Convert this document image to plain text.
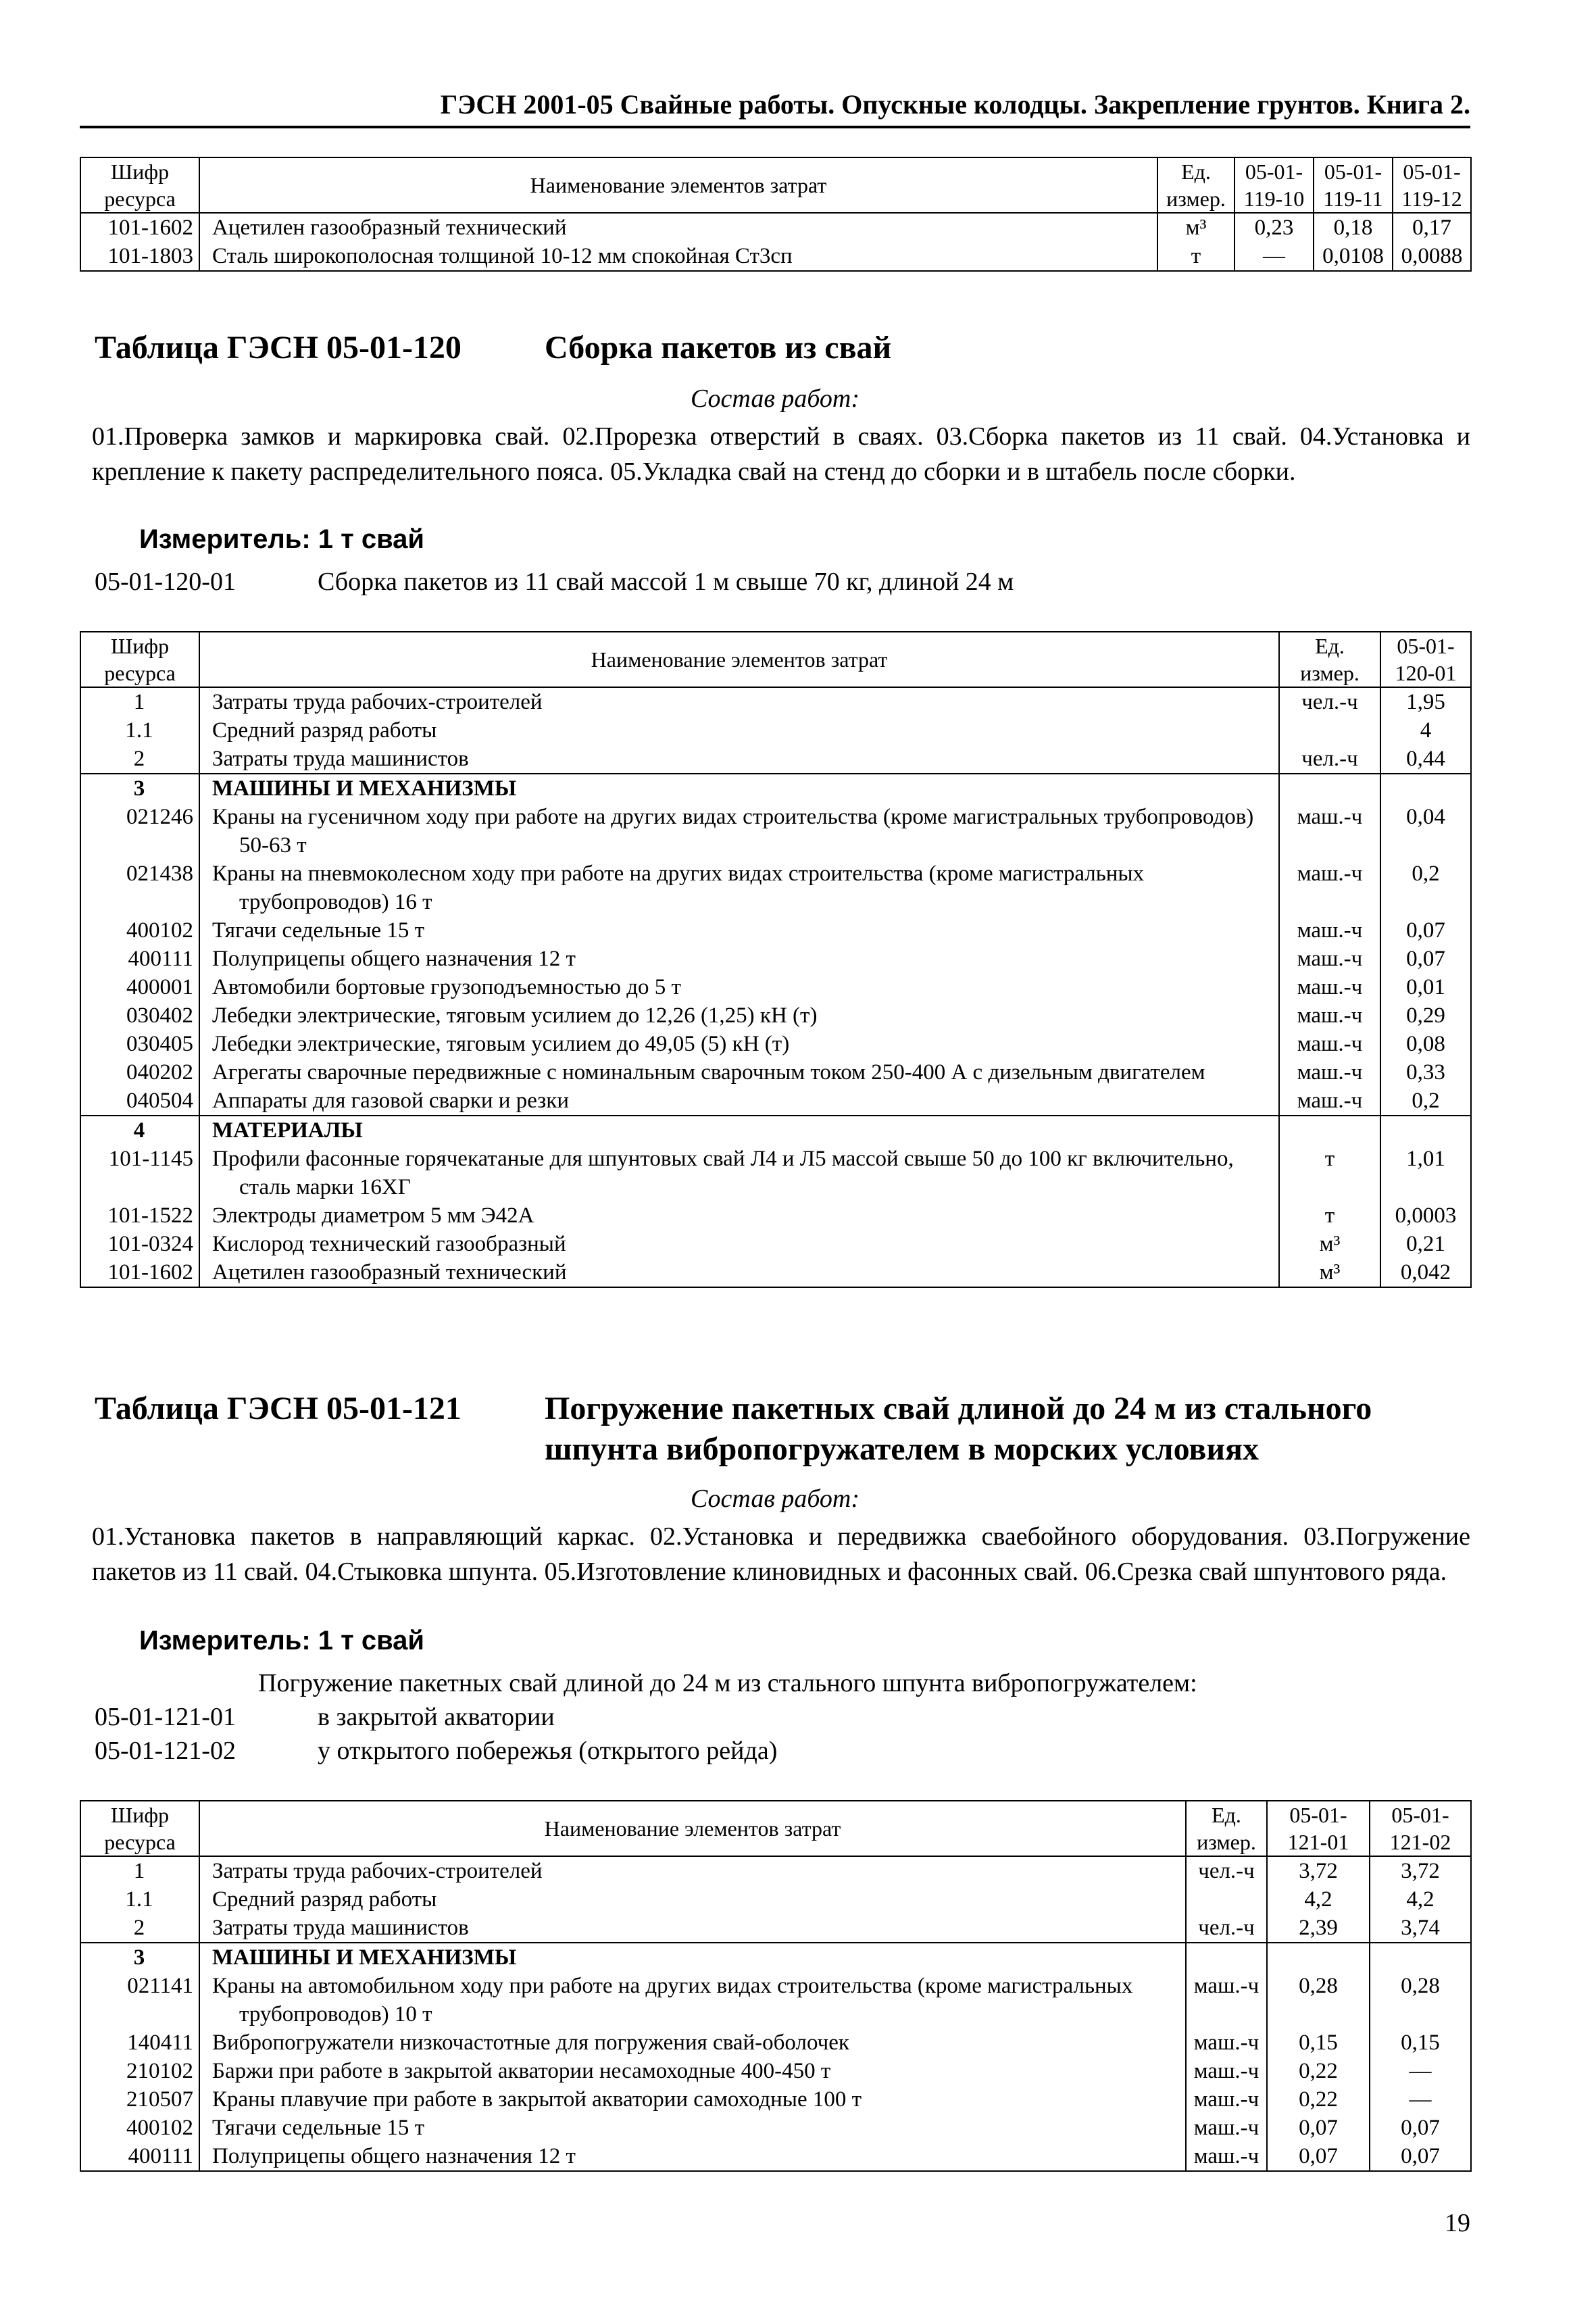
ГЭСН 2001-05 Свайные работы. Опускные колодцы. Закрепление грунтов. Книга 2.
Шифр ресурса	Наименование элементов затрат	Ед. измер.	05-01-119-10	05-01-119-11	05-01-119-12
101-1602	Ацетилен газообразный технический	м³	0,23	0,18	0,17
101-1803	Сталь широкополосная толщиной 10-12 мм спокойная Ст3сп	т	—	0,0108	0,0088
Таблица ГЭСН 05-01-120	Сборка пакетов из свай
Состав работ:
01.Проверка замков и маркировка свай. 02.Прорезка отверстий в сваях. 03.Сборка пакетов из 11 свай. 04.Установка и крепление к пакету распределительного пояса. 05.Укладка свай на стенд до сборки и в штабель после сборки.
Измеритель: 1 т свай
05-01-120-01	Сборка пакетов из 11 свай массой 1 м свыше 70 кг, длиной 24 м
Шифр ресурса	Наименование элементов затрат	Ед. измер.	05-01-120-01
1	Затраты труда рабочих-строителей	чел.-ч	1,95
1.1	Средний разряд работы		4
2	Затраты труда машинистов	чел.-ч	0,44
3	МАШИНЫ И МЕХАНИЗМЫ		

021246	Краны на гусеничном ходу при работе на других видах строительства (кроме магистральных трубопроводов) 50-63 т	маш.-ч	0,04
021438	Краны на пневмоколесном ходу при работе на других видах строительства (кроме магистральных трубопроводов) 16 т	маш.-ч	0,2
400102	Тягачи седельные 15 т	маш.-ч	0,07
400111	Полуприцепы общего назначения 12 т	маш.-ч	0,07
400001	Автомобили бортовые грузоподъемностью до 5 т	маш.-ч	0,01
030402	Лебедки электрические, тяговым усилием до 12,26 (1,25) кН (т)	маш.-ч	0,29
030405	Лебедки электрические, тяговым усилием до 49,05 (5) кН (т)	маш.-ч	0,08
040202	Агрегаты сварочные передвижные с номинальным сварочным током 250-400 А с дизельным двигателем	маш.-ч	0,33
040504	Аппараты для газовой сварки и резки	маш.-ч	0,2
4	МАТЕРИАЛЫ		

101-1145	Профили фасонные горячекатаные для шпунтовых свай Л4 и Л5 массой свыше 50 до 100 кг включительно, сталь марки 16ХГ	т	1,01
101-1522	Электроды диаметром 5 мм Э42А	т	0,0003
101-0324	Кислород технический газообразный	м³	0,21
101-1602	Ацетилен газообразный технический	м³	0,042
Таблица ГЭСН 05-01-121	Погружение пакетных свай длиной до 24 м из стального
шпунта вибропогружателем в морских условиях
Состав работ:
01.Установка пакетов в направляющий каркас. 02.Установка и передвижка сваебойного оборудования. 03.Погружение пакетов из 11 свай. 04.Стыковка шпунта. 05.Изготовление клиновидных и фасонных свай. 06.Срезка свай шпунтового ряда.
Измеритель: 1 т свай
Погружение пакетных свай длиной до 24 м из стального шпунта вибропогружателем:
05-01-121-01	в закрытой акватории
05-01-121-02	у открытого побережья (открытого рейда)
Шифр ресурса	Наименование элементов затрат	Ед. измер.	05-01-121-01	05-01-121-02
1	Затраты труда рабочих-строителей	чел.-ч	3,72	3,72
1.1	Средний разряд работы		4,2	4,2
2	Затраты труда машинистов	чел.-ч	2,39	3,74
3	МАШИНЫ И МЕХАНИЗМЫ			

021141	Краны на автомобильном ходу при работе на других видах строительства (кроме магистральных трубопроводов) 10 т	маш.-ч	0,28	0,28
140411	Вибропогружатели низкочастотные для погружения свай-оболочек	маш.-ч	0,15	0,15
210102	Баржи при работе в закрытой акватории несамоходные 400-450 т	маш.-ч	0,22	—
210507	Краны плавучие при работе в закрытой акватории самоходные 100 т	маш.-ч	0,22	—
400102	Тягачи седельные 15 т	маш.-ч	0,07	0,07
400111	Полуприцепы общего назначения 12 т	маш.-ч	0,07	0,07
19
